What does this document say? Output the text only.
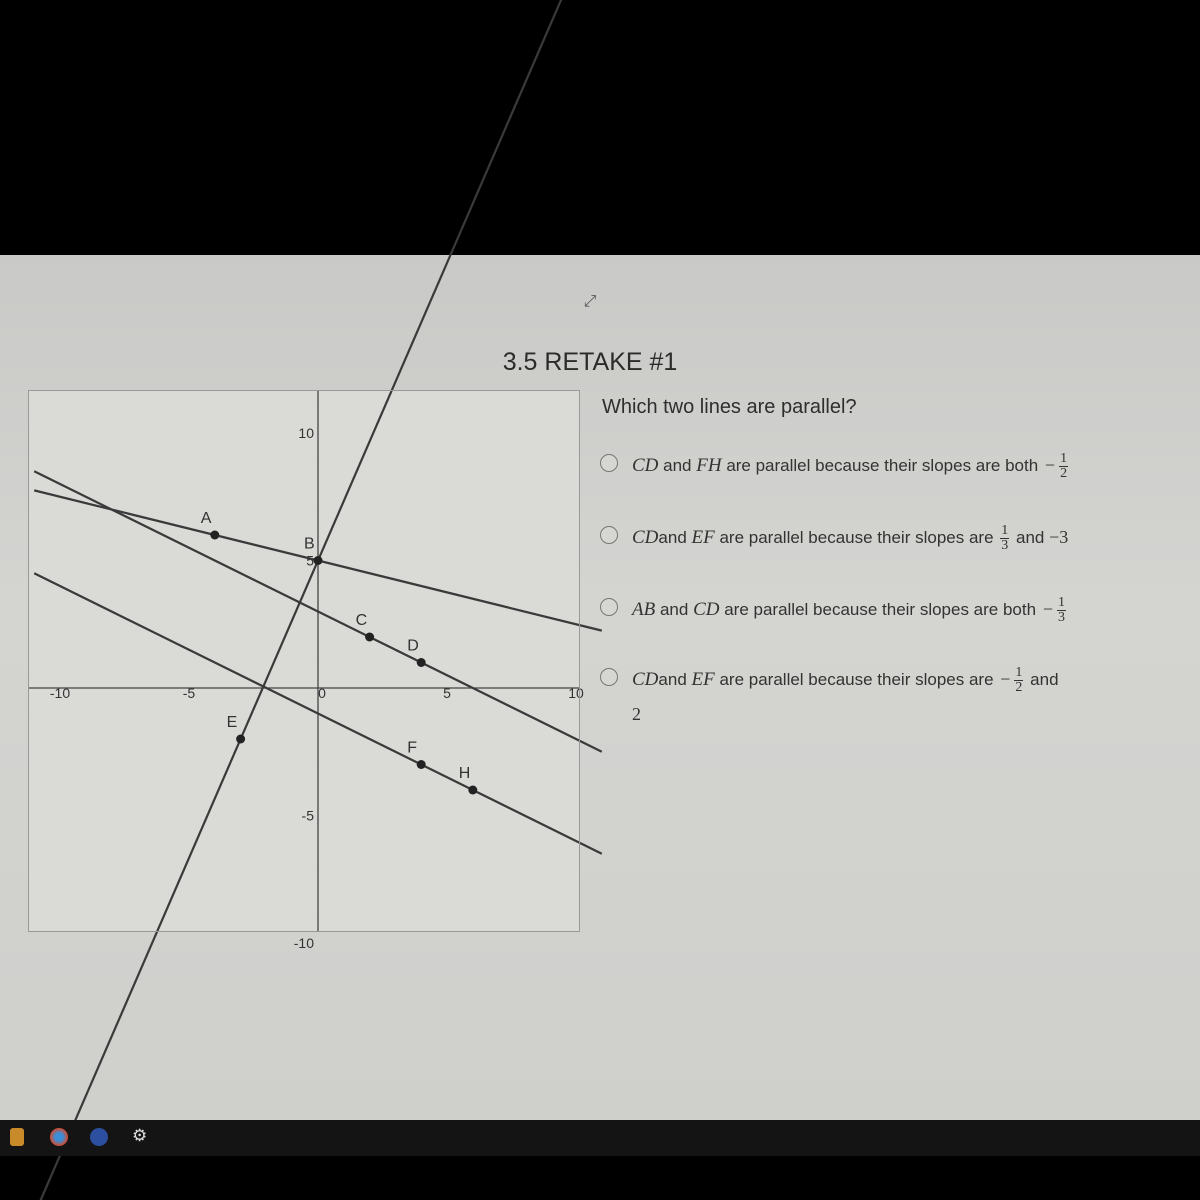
⤢
3.5 RETAKE #1
-10	-5	0	5	10
10
5
-5
-10
A
B
C
D
E
F
H
Which two lines are parallel?
CD and FH are parallel because their slopes are both − $\frac{1}{2}$
CDand EF are parallel because their slopes are $\frac{1}{3}$ and −3
AB and CD are parallel because their slopes are both − $\frac{1}{3}$
CDand EF are parallel because their slopes are − $\frac{1}{2}$ and
2
⚙
